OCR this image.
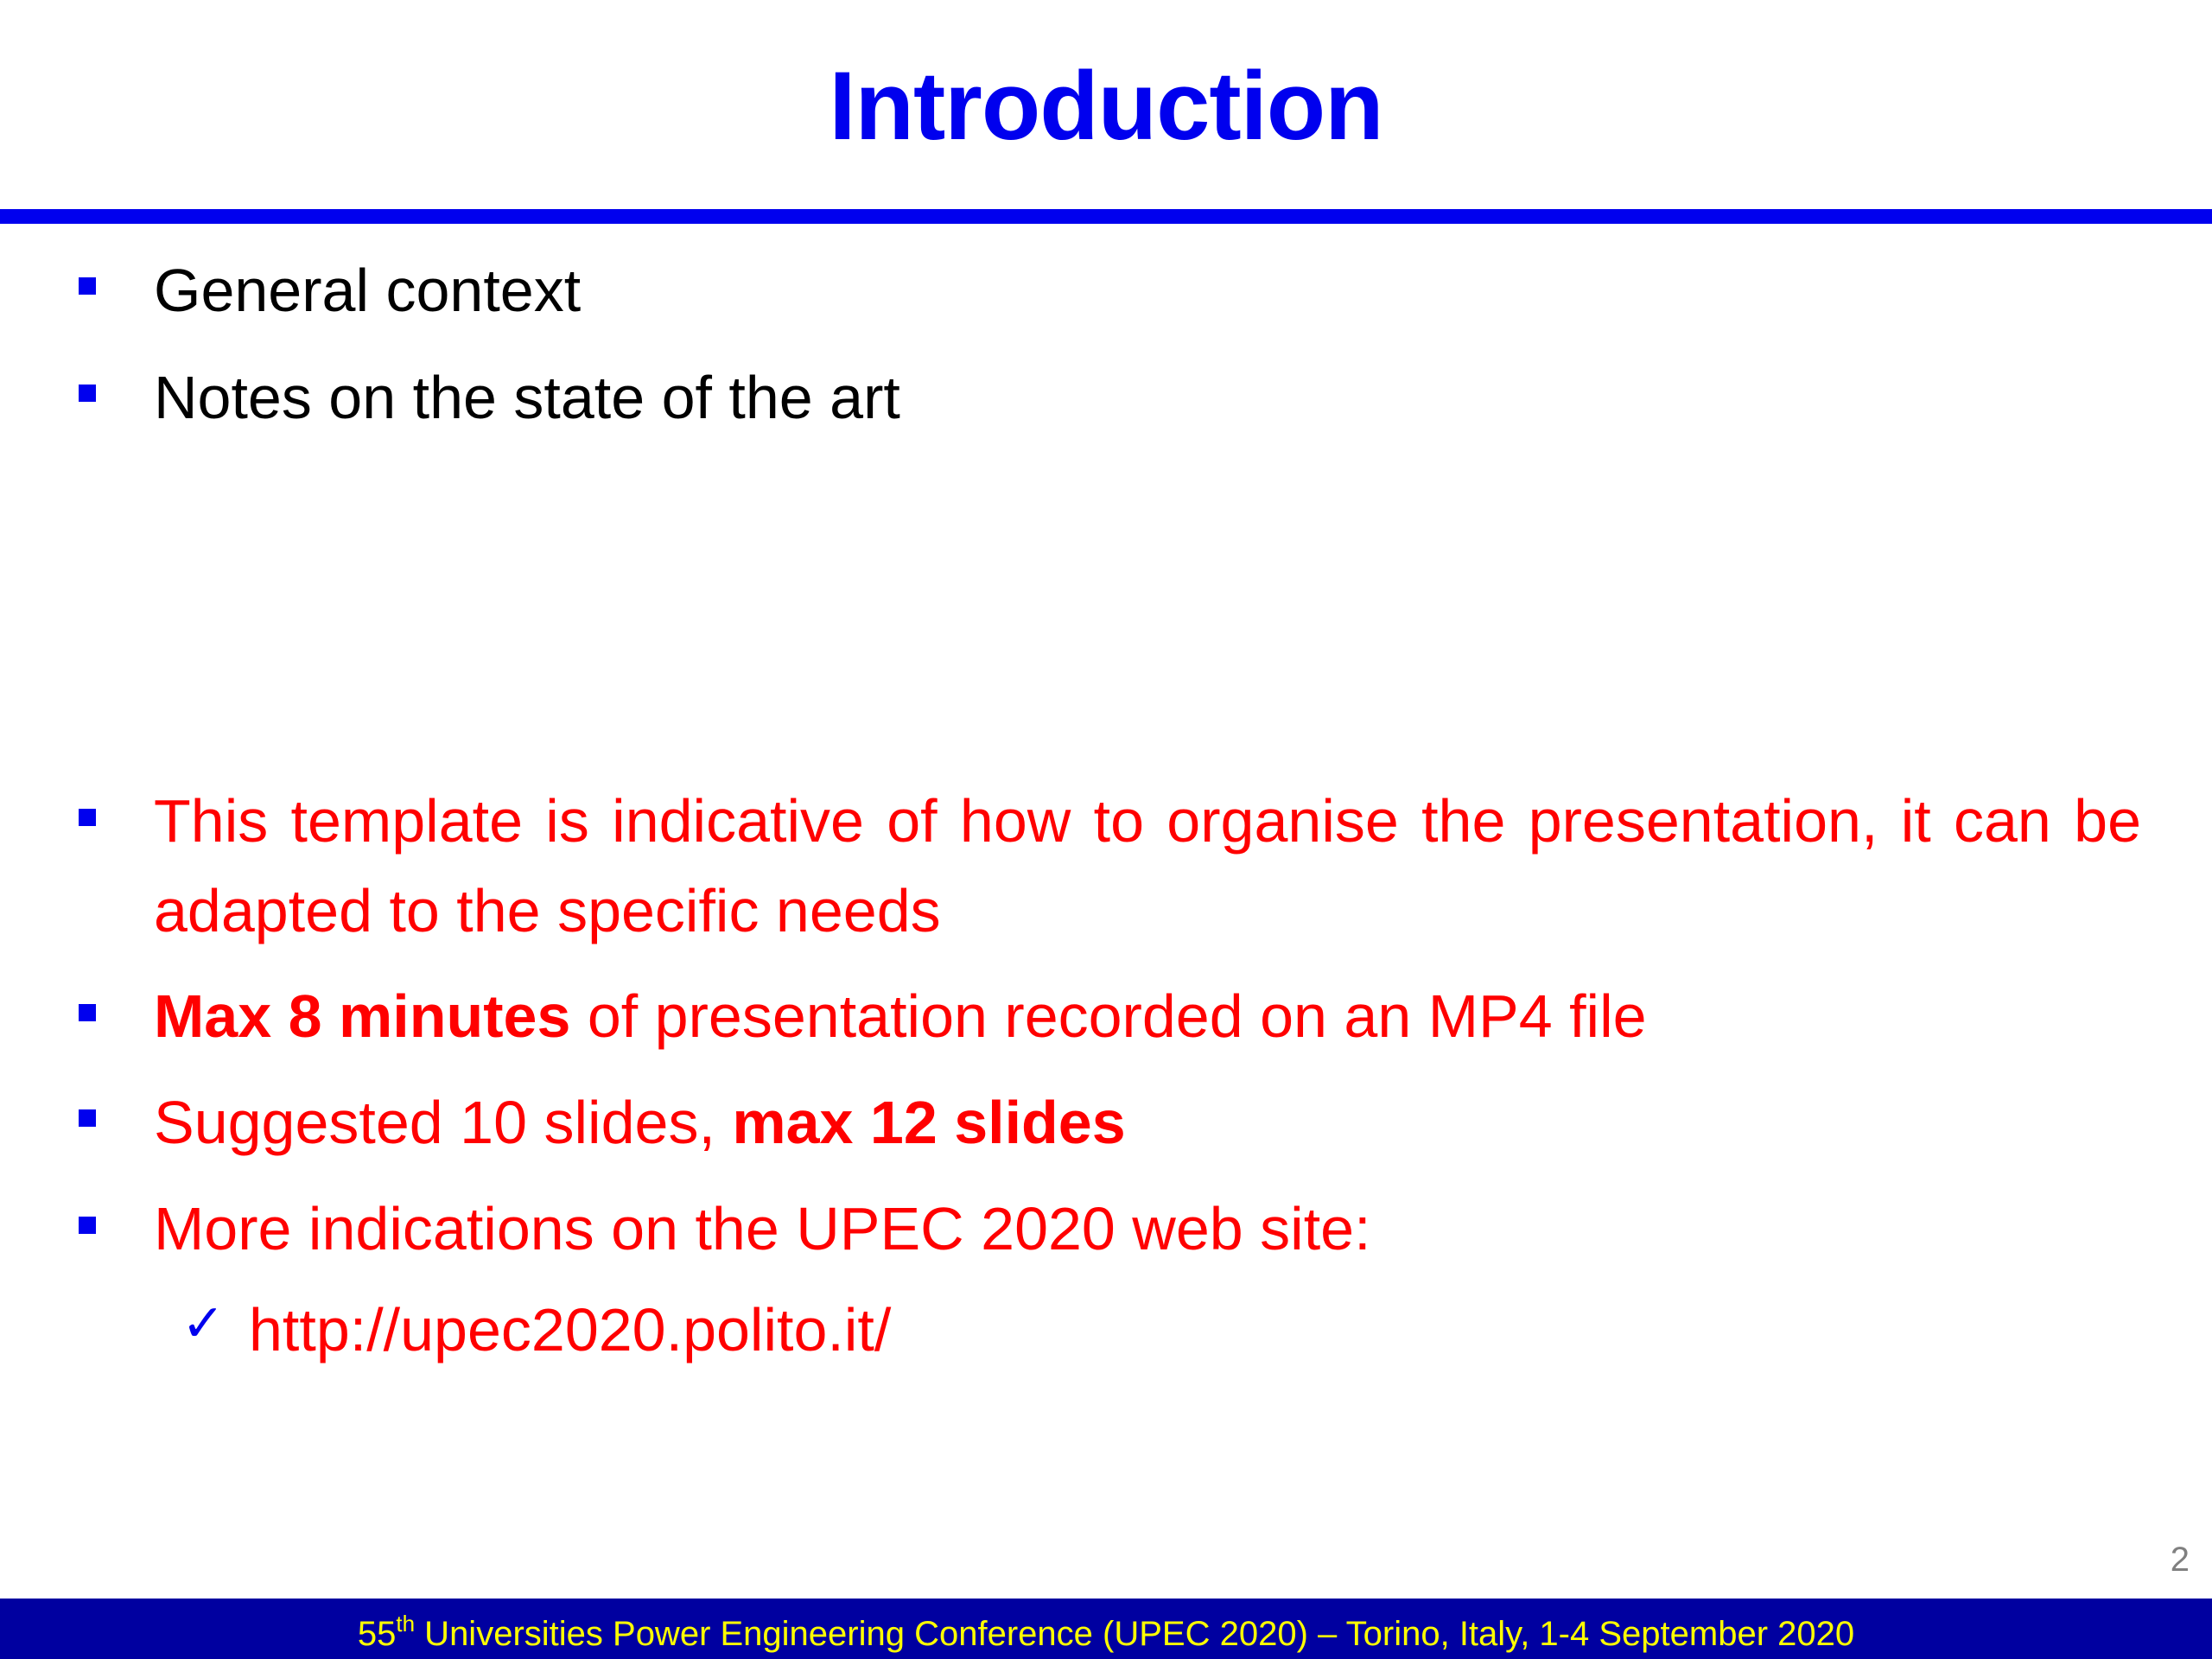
Introduction
General context
Notes on the state of the art
This template is indicative of how to organise the presentation, it can be adapted to the specific needs
Max 8 minutes of presentation recorded on an MP4 file
Suggested 10 slides, max 12 slides
More indications on the UPEC 2020 web site:
✓ http://upec2020.polito.it/
2
55th Universities Power Engineering Conference (UPEC 2020) – Torino, Italy, 1-4 September 2020
